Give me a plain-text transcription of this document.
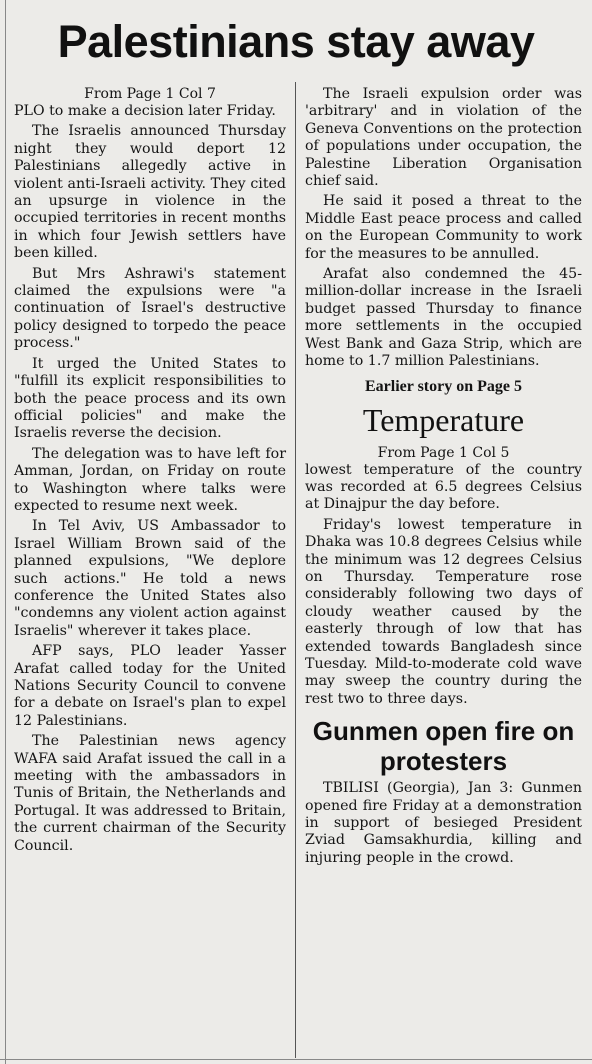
Palestinians stay away
From Page 1 Col 7

PLO to make a decision later Friday.

The Israelis announced Thursday night they would deport 12 Palestinians allegedly active in violent anti-Israeli activity. They cited an upsurge in violence in the occupied territories in recent months in which four Jewish settlers have been killed.

But Mrs Ashrawi's statement claimed the expulsions were "a continuation of Israel's destructive policy designed to torpedo the peace process."

It urged the United States to "fulfill its explicit responsibilities to both the peace process and its own official policies" and make the Israelis reverse the decision.

The delegation was to have left for Amman, Jordan, on Friday on route to Washington where talks were expected to resume next week.

In Tel Aviv, US Ambassador to Israel William Brown said of the planned expulsions, "We deplore such actions." He told a news conference the United States also "condemns any violent action against Israelis" wherever it takes place.

AFP says, PLO leader Yasser Arafat called today for the United Nations Security Council to convene for a debate on Israel's plan to expel 12 Palestinians.

The Palestinian news agency WAFA said Arafat issued the call in a meeting with the ambassadors in Tunis of Britain, the Netherlands and Portugal. It was addressed to Britain, the current chairman of the Security Council.

The Israeli expulsion order was 'arbitrary' and in violation of the Geneva Conventions on the protection of populations under occupation, the Palestine Liberation Organisation chief said.

He said it posed a threat to the Middle East peace process and called on the European Community to work for the measures to be annulled.

Arafat also condemned the 45-million-dollar increase in the Israeli budget passed Thursday to finance more settlements in the occupied West Bank and Gaza Strip, which are home to 1.7 million Palestinians.

Earlier story on Page 5
Temperature
From Page 1 Col 5

lowest temperature of the country was recorded at 6.5 degrees Celsius at Dinajpur the day before.

Friday's lowest temperature in Dhaka was 10.8 degrees Celsius while the minimum was 12 degrees Celsius on Thursday. Temperature rose considerably following two days of cloudy weather caused by the easterly through of low that has extended towards Bangladesh since Tuesday. Mild-to-moderate cold wave may sweep the country during the rest two to three days.

Gunmen open fire on protesters

TBILISI (Georgia), Jan 3: Gunmen opened fire Friday at a demonstration in support of besieged President Zviad Gamsakhurdia, killing and injuring people in the crowd.
